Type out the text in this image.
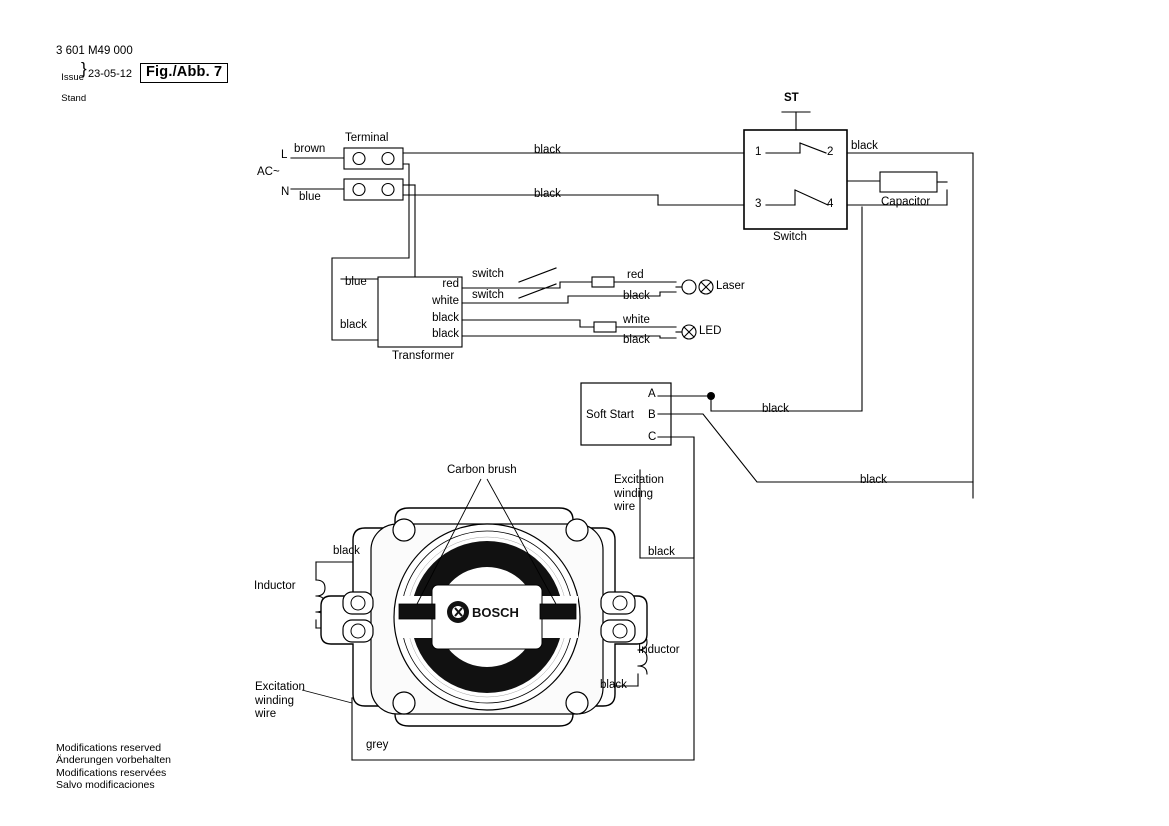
3 601 M49 000

Issue

Stand

} 23-05-12 Fig./Abb. 7
Modifications reserved
Änderungen vorbehalten
Modifications reservées
Salvo modificaciones
BOSCH
AC~
L
N
brown
blue
Terminal
black
black
ST
1	2
3	4
Switch
black
Capacitor
blue
black
red
white
black
black
Transformer
switch
switch
red
black
Laser
white
black
LED
Soft Start
A
B
C
black
black
Carbon brush
Excitation
winding
wire
Excitation
winding
wire
black
Inductor
black
Inductor
black
grey
